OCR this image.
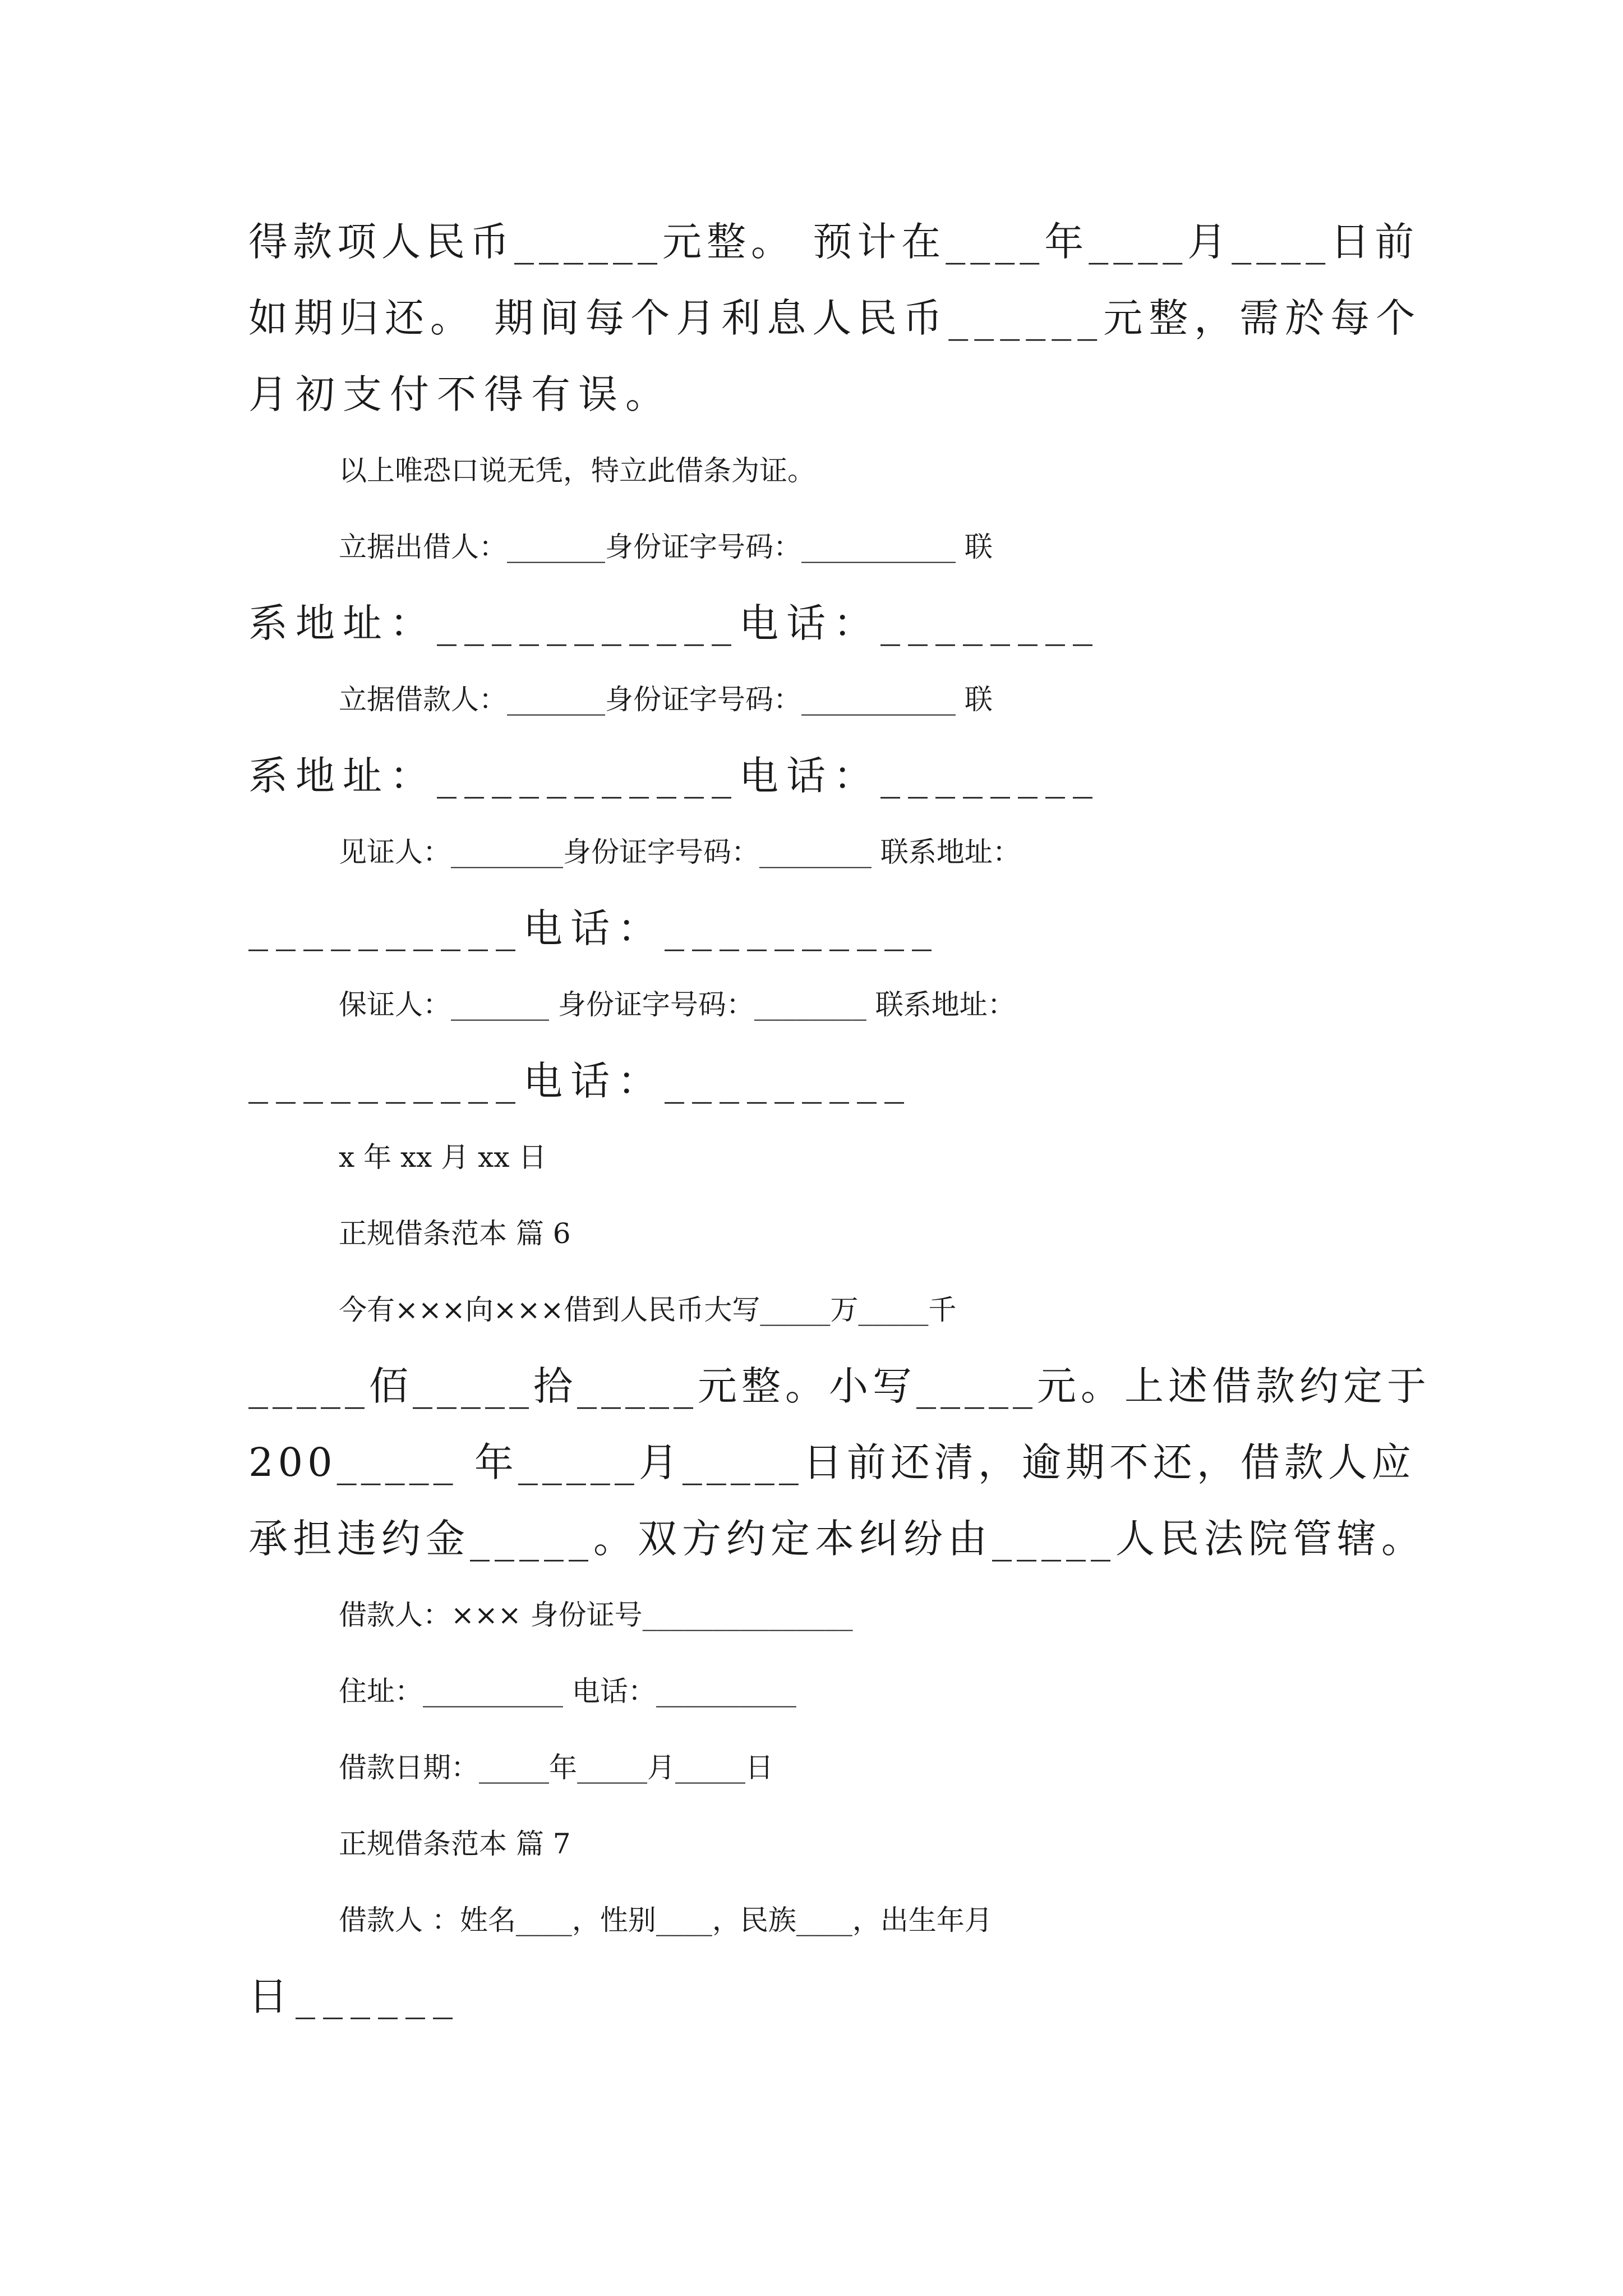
得款项人民币______元整。 预计在____年____月____日前
如期归还。 期间每个月利息人民币______元整，需於每个
月初支付不得有误。
以上唯恐口说无凭，特立此借条为证。
立据出借人：_______身份证字号码：___________ 联
系地址：___________电话：________
立据借款人：_______身份证字号码：___________ 联
系地址：___________电话：________
见证人：________身份证字号码：________ 联系地址：
__________电话：__________
保证人：_______ 身份证字号码：________ 联系地址：
__________电话：_________
x 年 xx 月 xx 日
正规借条范本 篇 6
今有×××向×××借到人民币大写_____万_____千
_____佰_____拾_____元整。小写_____元。上述借款约定于
200_____ 年_____月_____日前还清，逾期不还，借款人应
承担违约金_____。双方约定本纠纷由_____人民法院管辖。
借款人：××× 身份证号_______________
住址：__________ 电话：__________
借款日期：_____年_____月_____日
正规借条范本 篇 7
借款人 ：姓名____，性别____，民族____，出生年月
日______
